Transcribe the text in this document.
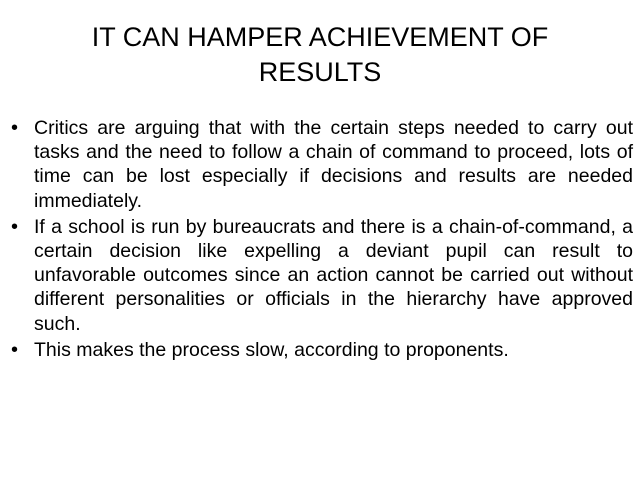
IT CAN HAMPER ACHIEVEMENT OF RESULTS
• Critics are arguing that with the certain steps needed to carry out tasks and the need to follow a chain of command to proceed, lots of time can be lost especially if decisions and results are needed immediately.
• If a school is run by bureaucrats and there is a chain-of-command, a certain decision like expelling a deviant pupil can result to unfavorable outcomes since an action cannot be carried out without different personalities or officials in the hierarchy have approved such.
• This makes the process slow, according to proponents.
